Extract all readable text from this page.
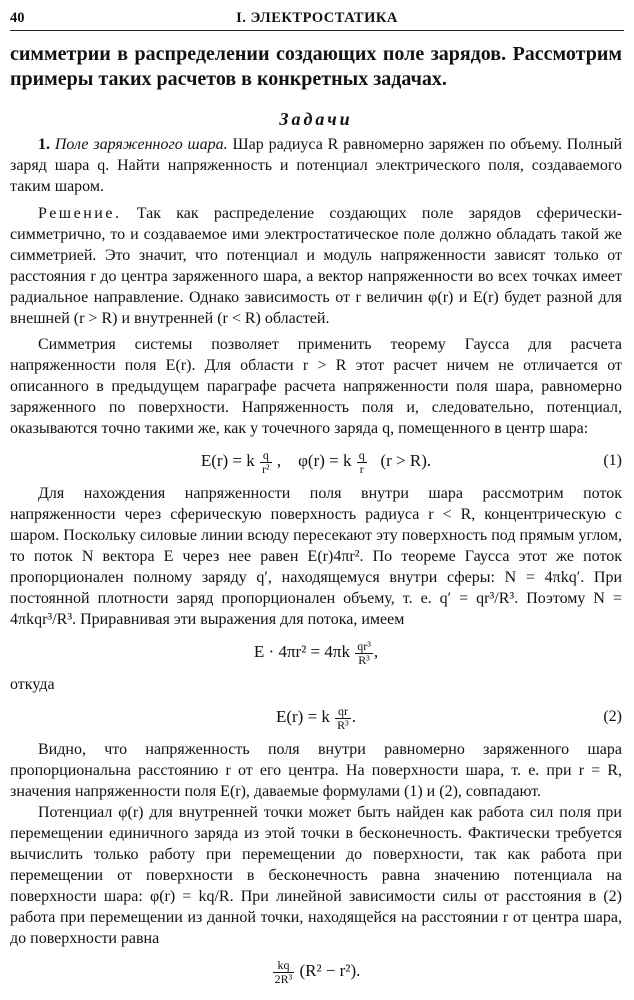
40	I. ЭЛЕКТРОСТАТИКА

симметрии в распределении создающих поле зарядов. Рассмотрим примеры таких расчетов в конкретных задачах.

Задачи

1. Поле заряженного шара. Шар радиуса R равномерно заряжен по объему. Полный заряд шара q. Найти напряженность и потенциал электрического поля, создаваемого таким шаром.

Решение. Так как распределение создающих поле зарядов сферически-симметрично, то и создаваемое ими электростатическое поле должно обладать такой же симметрией. Это значит, что потенциал и модуль напряженности зависят только от расстояния r до центра заряженного шара, а вектор напряженности во всех точках имеет радиальное направление. Однако зависимость от r величин φ(r) и E(r) будет разной для внешней (r > R) и внутренней (r < R) областей.

Симметрия системы позволяет применить теорему Гаусса для расчета напряженности поля E(r). Для области r > R этот расчет ничем не отличается от описанного в предыдущем параграфе расчета напряженности поля шара, равномерно заряженного по поверхности. Напряженность поля и, следовательно, потенциал, оказываются точно такими же, как у точечного заряда q, помещенного в центр шара:

E(r) = k $\frac{q}{\text{r²}}$ ,    φ(r) = k $\frac{q}{r} (r > R)$.	(1)

Для нахождения напряженности поля внутри шара рассмотрим поток напряженности через сферическую поверхность радиуса r < R, концентрическую с шаром. Поскольку силовые линии всюду пересекают эту поверхность под прямым углом, то поток N вектора E через нее равен E(r)4πr². По теореме Гаусса этот же поток пропорционален полному заряду q′, находящемуся внутри сферы: N = 4πkq′. При постоянной плотности заряд пропорционален объему, т. е. q′ = qr³/R³. Поэтому N = 4πkqr³/R³. Приравнивая эти выражения для потока, имеем

$E \cdot 4\pi r^2 = 4\pi k \frac{\text{qr³}}{\text{R³}}$ ,

откуда

E(r) = k $\frac{qr}{\text{R³}}$ .	(2)

Видно, что напряженность поля внутри равномерно заряженного шара пропорциональна расстоянию r от его центра. На поверхности шара, т. е. при r = R, значения напряженности поля E(r), даваемые формулами (1) и (2), совпадают.

Потенциал φ(r) для внутренней точки может быть найден как работа сил поля при перемещении единичного заряда из этой точки в бесконечность. Фактически требуется вычислить только работу при перемещении до поверхности, так как работа при перемещении от поверхности в бесконечность равна значению потенциала на поверхности шара: φ(r) = kq/R. При линейной зависимости силы от расстояния в (2) работа при перемещении из данной точки, находящейся на расстоянии r от центра шара, до поверхности равна

$\frac{kq}{\text{2R³}} (R^2 - r^2)$.
